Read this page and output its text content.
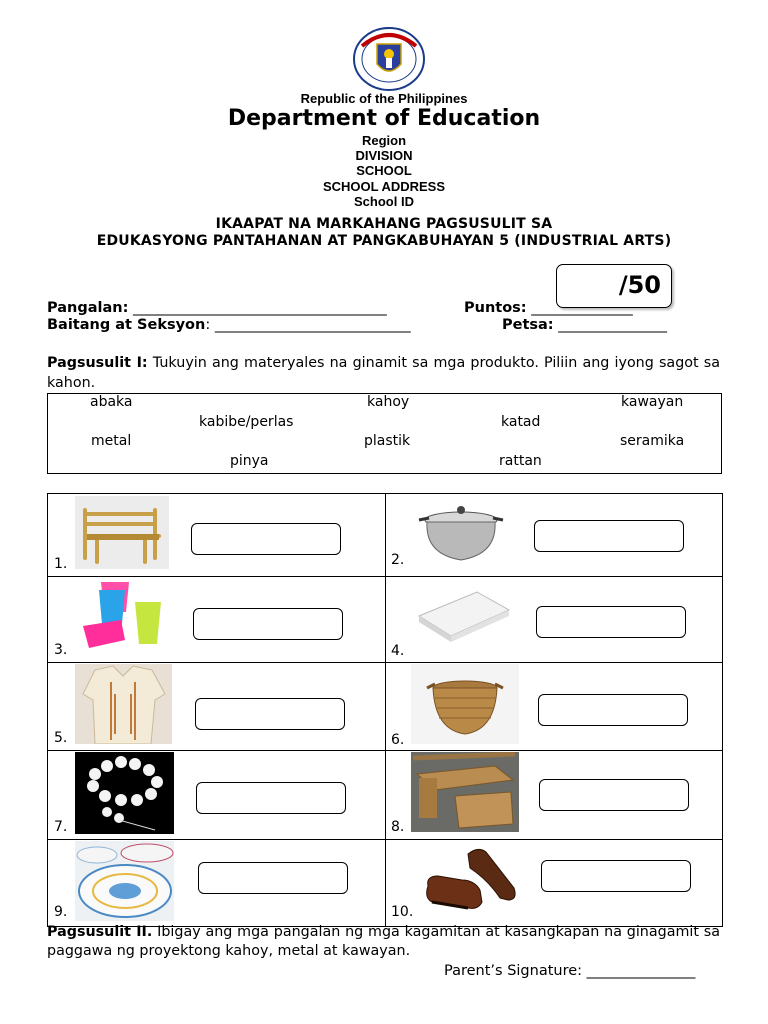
Republic of the Philippines
Department of Education
Region
DIVISION
SCHOOL
SCHOOL ADDRESS
School ID
IKAAPAT NA MARKAHANG PAGSUSULIT SA
EDUKASYONG PANTAHANAN AT PANGKABUHAYAN 5 (INDUSTRIAL ARTS)
/50
Pangalan: ___________________________________	Puntos: ______________
Baitang at Seksyon: ___________________________	Petsa: _______________
Pagsusulit I: Tukuyin ang materyales na ginamit sa mga produkto. Piliin ang iyong sagot sa kahon.
abaka	kahoy	kawayan
kabibe/perlas	katad
metal	plastik	seramika
pinya	rattan
1.	2.
3.	4.
5.	6.
7.	8.
9.	10.
Pagsusulit II. Ibigay ang mga pangalan ng mga kagamitan at kasangkapan na ginagamit sa paggawa ng proyektong kahoy, metal at kawayan.
Parent’s Signature: _______________
